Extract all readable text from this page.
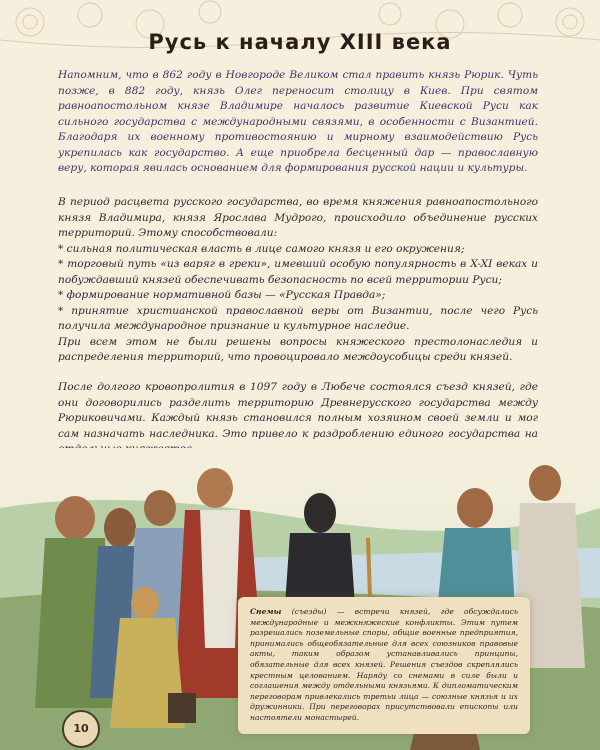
Русь к началу XIII века
Напомним, что в 862 году в Новгороде Великом стал править князь Рюрик. Чуть позже, в 882 году, князь Олег переносит столицу в Киев. При святом равноапостольном князе Владимире началось развитие Киевской Руси как сильного государства с международными связями, в особенности с Византией. Благодаря их военному противостоянию и мирному взаимодействию Русь укрепилась как государство. А еще приобрела бесценный дар — православную веру, которая явилась основанием для формирования русской нации и культуры.
В период расцвета русского государства, во время княжения равноапостольного князя Владимира, князя Ярослава Мудрого, происходило объединение русских территорий. Этому способствовали:
* сильная политическая власть в лице самого князя и его окружения;
* торговый путь «из варяг в греки», имевший особую популярность в X-XI веках и побуждавший князей обеспечивать безопасность по всей территории Руси;
* формирование нормативной базы — «Русская Правда»;
* принятие христианской православной веры от Византии, после чего Русь получила международное признание и культурное наследие.
При всем этом не были решены вопросы княжеского престолонаследия и распределения территорий, что провоцировало междоусобицы среди князей.
После долгого кровопролития в 1097 году в Любече состоялся съезд князей, где они договорились разделить территорию Древнерусского государства между Рюриковичами. Каждый князь становился полным хозяином своей земли и мог сам назначать наследника. Это привело к раздроблению единого государства на
Снемы (съезды) — встречи князей, где обсуждались международные и межкняжеские конфликты. Этим путем разрешались поземельные споры, общие военные предприятия, принимались общеобязательные для всех союзников правовые акты, таким образом устанавливались принципы, обязательные для всех князей. Решения съездов скреплялись крестным целованием. Наряду со снемами в силе были и соглашения между отдельными князьями. К дипломатическим переговорам привлекались третьи лица — союзные князья и их дружинники. При переговорах присутствовали епископы или настоятели монастырей.
10
